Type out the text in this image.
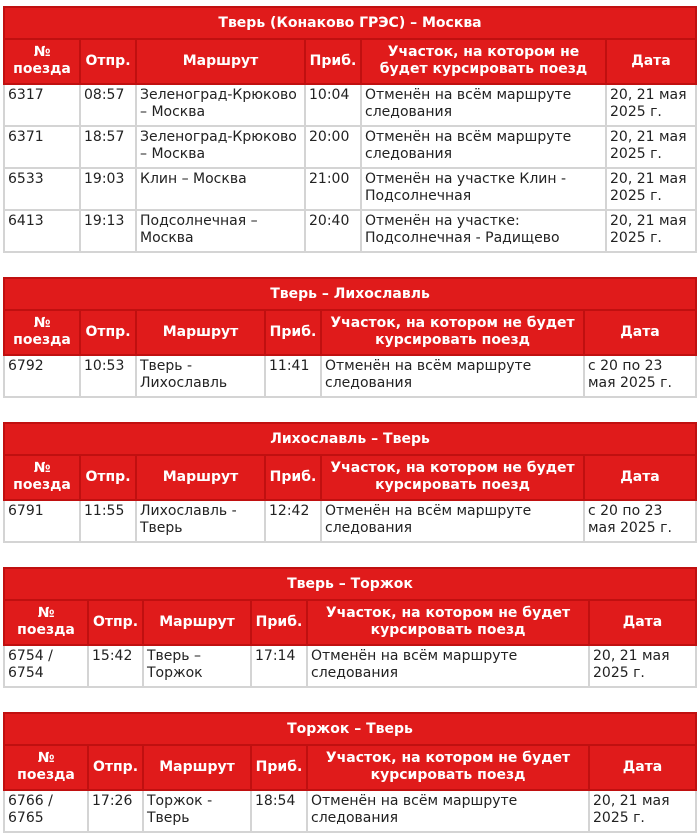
Тверь (Конаково ГРЭС) – Москва					
№ поезда	Отпр.	Маршрут	Приб.	Участок, на котором не будет курсировать поезд	Дата
6317	08:57	Зеленоград-Крюково – Москва	10:04	Отменён на всём маршруте следования	20, 21 мая 2025 г.
6371	18:57	Зеленоград-Крюково – Москва	20:00	Отменён на всём маршруте следования	20, 21 мая 2025 г.
6533	19:03	Клин – Москва	21:00	Отменён на участке Клин - Подсолнечная	20, 21 мая 2025 г.
6413	19:13	Подсолнечная – Москва	20:40	Отменён на участке: Подсолнечная - Радищево	20, 21 мая 2025 г.
Тверь – Лихославль					
№ поезда	Отпр.	Маршрут	Приб.	Участок, на котором не будет курсировать поезд	Дата
6792	10:53	Тверь - Лихославль	11:41	Отменён на всём маршруте следования	с 20 по 23 мая 2025 г.
Лихославль – Тверь					
№ поезда	Отпр.	Маршрут	Приб.	Участок, на котором не будет курсировать поезд	Дата
6791	11:55	Лихославль - Тверь	12:42	Отменён на всём маршруте следования	с 20 по 23 мая 2025 г.
Тверь – Торжок					
№ поезда	Отпр.	Маршрут	Приб.	Участок, на котором не будет курсировать поезд	Дата
6754 / 6754	15:42	Тверь – Торжок	17:14	Отменён на всём маршруте следования	20, 21 мая 2025 г.
Торжок – Тверь					
№ поезда	Отпр.	Маршрут	Приб.	Участок, на котором не будет курсировать поезд	Дата
6766 / 6765	17:26	Торжок - Тверь	18:54	Отменён на всём маршруте следования	20, 21 мая 2025 г.
